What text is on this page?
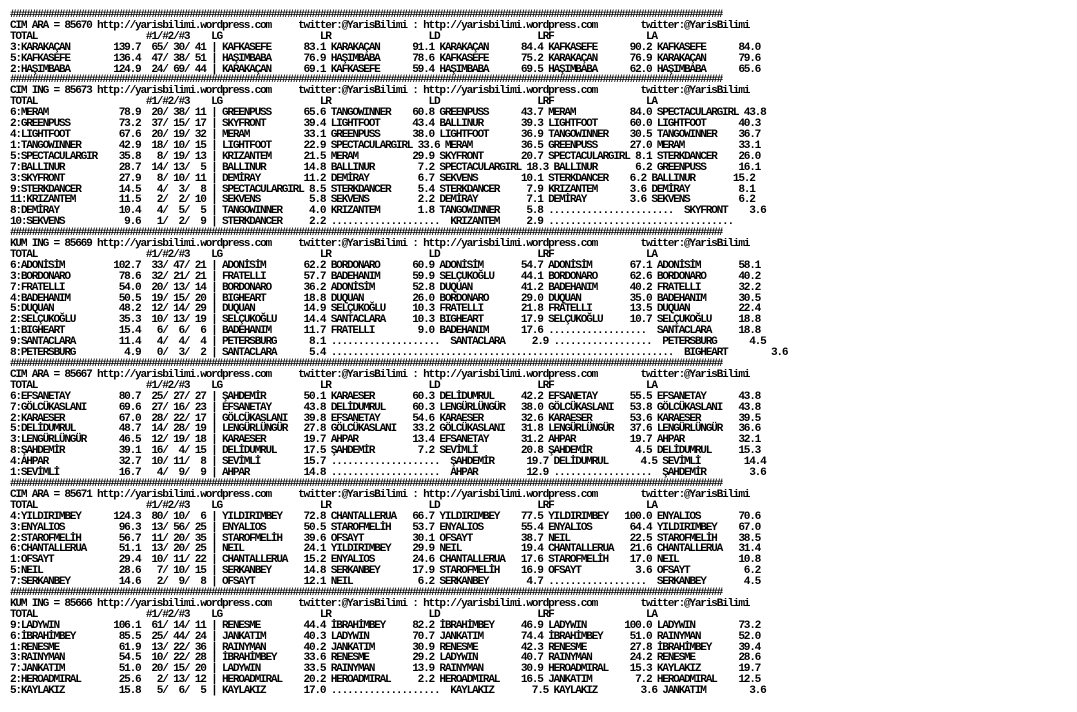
###################################################################################################################################
CIM ARA = 85670 http://yarisbilimi.wordpress.com     twitter:@YarisBilimi : http://yarisbilimi.wordpress.com        twitter:@YarisBilimi
TOTAL                    #1/#2/#3    LG                  LR                  LD                  LRF                 LA
3:KARAKAÇAN        139.7  65/ 30/ 41 | KAFKASEFE      83.1 KARAKAÇAN      91.1 KARAKAÇAN      84.4 KAFKASEFE      90.2 KAFKASEFE      84.0
5:KAFKASEFE        136.4  47/ 38/ 51 | HAŞIMBABA      76.9 HAŞIMBABA      78.6 KAFKASEFE      75.2 KARAKAÇAN      76.9 KARAKAÇAN      79.6
2:HAŞIMBABA        124.9  24/ 69/ 44 | KARAKAÇAN      69.1 KAFKASEFE      59.4 HAŞIMBABA      69.5 HAŞIMBABA      62.0 HAŞIMBABA      65.6
###################################################################################################################################
CIM ING = 85673 http://yarisbilimi.wordpress.com     twitter:@YarisBilimi : http://yarisbilimi.wordpress.com        twitter:@YarisBilimi
TOTAL                    #1/#2/#3    LG                  LR                  LD                  LRF                 LA
6:MERAM             78.9  20/ 38/ 11 | GREENPUSS      65.6 TANGOWINNER    60.8 GREENPUSS      43.7 MERAM          84.0 SPECTACULARGIRL 43.8
2:GREENPUSS         73.2  37/ 15/ 17 | SKYFRONT       39.4 LIGHTFOOT      43.4 BALLINUR       39.3 LIGHTFOOT      60.0 LIGHTFOOT      40.3
4:LIGHTFOOT         67.6  20/ 19/ 32 | MERAM          33.1 GREENPUSS      38.0 LIGHTFOOT      36.9 TANGOWINNER    30.5 TANGOWINNER    36.7
1:TANGOWINNER       42.9  18/ 10/ 15 | LIGHTFOOT      22.9 SPECTACULARGIRL 33.6 MERAM         36.5 GREENPUSS      27.0 MERAM          33.1
5:SPECTACULARGIR    35.8   8/ 19/ 13 | KRIZANTEM      21.5 MERAM          29.9 SKYFRONT       20.7 SPECTACULARGIRL 8.1 STERKDANCER    26.0
7:BALLINUR          28.7  14/ 13/  5 | BALLINUR       14.8 BALLINUR        7.2 SPECTACULARGIRL 18.3 BALLINUR       6.2 GREENPUSS      16.1
3:SKYFRONT          27.9   8/ 10/ 11 | DEMİRAY        11.2 DEMİRAY         6.7 SEKVENS        10.1 STERKDANCER    6.2 BALLINUR       15.2
9:STERKDANCER       14.5   4/  3/  8 | SPECTACULARGIRL 8.5 STERKDANCER     5.4 STERKDANCER     7.9 KRIZANTEM      3.6 DEMİRAY         8.1
11:KRIZANTEM        11.5   2/  2/ 10 | SEKVENS         5.8 SEKVENS         2.2 DEMİRAY         7.1 DEMİRAY        3.6 SEKVENS         6.2
8:DEMİRAY           10.4   4/  5/  5 | TANGOWINNER     4.0 KRIZANTEM       1.8 TANGOWINNER     5.8 .......................  SKYFRONT    3.6
10:SEKVENS           9.6   1/  2/  9 | STERKDANCER     2.2 ....................  KRIZANTEM     2.9 ..................................
###################################################################################################################################
KUM ING = 85669 http://yarisbilimi.wordpress.com     twitter:@YarisBilimi : http://yarisbilimi.wordpress.com        twitter:@YarisBilimi
TOTAL                    #1/#2/#3    LG                  LR                  LD                  LRF                 LA
6:ADONİSİM         102.7  33/ 47/ 21 | ADONİSİM       62.2 BORDONARO      60.9 ADONİSİM       54.7 ADONİSİM       67.1 ADONİSİM       58.1
3:BORDONARO         78.6  32/ 21/ 21 | FRATELLI       57.7 BADEHANIM      59.9 SELÇUKOĞLU     44.1 BORDONARO      62.6 BORDONARO      40.2
7:FRATELLI          54.0  20/ 13/ 14 | BORDONARO      36.2 ADONİSİM       52.8 DUQUAN         41.2 BADEHANIM      40.2 FRATELLI       32.2
4:BADEHANIM         50.5  19/ 15/ 20 | BIGHEART       18.8 DUQUAN         26.0 BORDONARO      29.0 DUQUAN         35.0 BADEHANIM      30.5
5:DUQUAN            48.2  12/ 14/ 29 | DUQUAN         14.9 SELÇUKOĞLU     10.3 FRATELLI       21.8 FRATELLI       13.5 DUQUAN         22.4
2:SELÇUKOĞLU        35.3  10/ 13/ 19 | SELÇUKOĞLU     14.4 SANTACLARA     10.3 BIGHEART       17.9 SELÇUKOĞLU     10.7 SELÇUKOĞLU     18.8
1:BIGHEART          15.4   6/  6/  6 | BADEHANIM      11.7 FRATELLI        9.0 BADEHANIM      17.6 ..................  SANTACLARA     18.8
9:SANTACLARA        11.4   4/  4/  4 | PETERSBURG      8.1 ....................  SANTACLARA     2.9 ..................  PETERSBURG      4.5
8:PETERSBURG         4.9   0/  3/  2 | SANTACLARA      5.4 ...............................................................  BIGHEART        3.6
###################################################################################################################################
CIM ARA = 85667 http://yarisbilimi.wordpress.com     twitter:@YarisBilimi : http://yarisbilimi.wordpress.com        twitter:@YarisBilimi
TOTAL                    #1/#2/#3    LG                  LR                  LD                  LRF                 LA
6:EFSANETAY         80.7  25/ 27/ 27 | ŞAHDEMİR       50.1 KARAESER       60.3 DELİDUMRUL     42.2 EFSANETAY      55.5 EFSANETAY      43.8
7:GÖLCÜKASLANI      69.6  27/ 16/ 23 | EFSANETAY      43.8 DELİDUMRUL     60.3 LENGÜRLÜNGÜR   38.0 GÖLCÜKASLANI   53.8 GÖLCÜKASLANI   43.8
2:KARAESER          67.0  28/ 22/ 17 | GÖLCÜKASLANI   39.8 EFSANETAY      54.6 KARAESER       32.6 KARAESER       53.6 KARAESER       39.5
5:DELİDUMRUL        48.7  14/ 28/ 19 | LENGÜRLÜNGÜR   27.8 GÖLCÜKASLANI   33.2 GÖLCÜKASLANI   31.8 LENGÜRLÜNGÜR   37.6 LENGÜRLÜNGÜR   36.6
3:LENGÜRLÜNGÜR      46.5  12/ 19/ 18 | KARAESER       19.7 AHPAR          13.4 EFSANETAY      31.2 AHPAR          19.7 AHPAR          32.1
8:ŞAHDEMİR          39.1  16/  4/ 15 | DELİDUMRUL     17.5 ŞAHDEMİR        7.2 SEVİMLİ        20.8 ŞAHDEMİR        4.5 DELİDUMRUL     15.3
4:AHPAR             32.7  10/ 11/  8 | SEVİMLİ        15.7 ....................  ŞAHDEMİR      19.7 DELİDUMRUL      4.5 SEVİMLİ        14.4
1:SEVİMLİ           16.7   4/  9/  9 | AHPAR          14.8 ....................  AHPAR         12.9 ..................  ŞAHDEMİR        3.6
###################################################################################################################################
CIM ARA = 85671 http://yarisbilimi.wordpress.com     twitter:@YarisBilimi : http://yarisbilimi.wordpress.com        twitter:@YarisBilimi
TOTAL                    #1/#2/#3    LG                  LR                  LD                  LRF                 LA
4:YILDIRIMBEY      124.3  80/ 10/  6 | YILDIRIMBEY    72.8 CHANTALLERUA   66.7 YILDIRIMBEY    77.5 YILDIRIMBEY   100.0 ENYALIOS       70.6
3:ENYALIOS          96.3  13/ 56/ 25 | ENYALIOS       50.5 STAROFMELİH    53.7 ENYALIOS       55.4 ENYALIOS       64.4 YILDIRIMBEY    67.0
2:STAROFMELİH       56.7  11/ 20/ 35 | STAROFMELİH    39.6 OFSAYT         30.1 OFSAYT         38.7 NEIL           22.5 STAROFMELİH    38.5
6:CHANTALLERUA      51.1  13/ 20/ 25 | NEIL           24.1 YILDIRIMBEY    29.9 NEIL           19.4 CHANTALLERUA   21.6 CHANTALLERUA   31.4
1:OFSAYT            29.4  10/ 11/ 22 | CHANTALLERUA   15.2 ENYALIOS       24.6 CHANTALLERUA   17.6 STAROFMELİH    17.0 NEIL           10.8
5:NEIL              28.6   7/ 10/ 15 | SERKANBEY      14.8 SERKANBEY      17.9 STAROFMELİH    16.9 OFSAYT          3.6 OFSAYT          6.2
7:SERKANBEY         14.6   2/  9/  8 | OFSAYT         12.1 NEIL            6.2 SERKANBEY       4.7 ..................  SERKANBEY       4.5
###################################################################################################################################
KUM ING = 85666 http://yarisbilimi.wordpress.com     twitter:@YarisBilimi : http://yarisbilimi.wordpress.com        twitter:@YarisBilimi
TOTAL                    #1/#2/#3    LG                  LR                  LD                  LRF                 LA
9:LADYWIN          106.1  61/ 14/ 11 | RENESME        44.4 İBRAHİMBEY     82.2 İBRAHİMBEY     46.9 LADYWIN       100.0 LADYWIN        73.2
6:İBRAHİMBEY        85.5  25/ 44/ 24 | JANKATIM       40.3 LADYWIN        70.7 JANKATIM       74.4 İBRAHİMBEY     51.0 RAINYMAN       52.0
1:RENESME           61.9  13/ 22/ 36 | RAINYMAN       40.2 JANKATIM       30.9 RENESME        42.3 RENESME        27.8 İBRAHİMBEY     39.4
3:RAINYMAN          54.5  10/ 22/ 28 | İBRAHİMBEY     33.6 RENESME        29.2 LADYWIN        40.7 RAINYMAN       24.2 RENESME        28.6
7:JANKATIM          51.0  20/ 15/ 20 | LADYWIN        33.5 RAINYMAN       13.9 RAINYMAN       30.9 HEROADMIRAL    15.3 KAYLAKIZ       19.7
2:HEROADMIRAL       25.6   2/ 13/ 12 | HEROADMIRAL    20.2 HEROADMIRAL     2.2 HEROADMIRAL    16.5 JANKATIM        7.2 HEROADMIRAL    12.5
5:KAYLAKIZ          15.8   5/  6/  5 | KAYLAKIZ       17.0 ....................  KAYLAKIZ       7.5 KAYLAKIZ        3.6 JANKATIM        3.6
